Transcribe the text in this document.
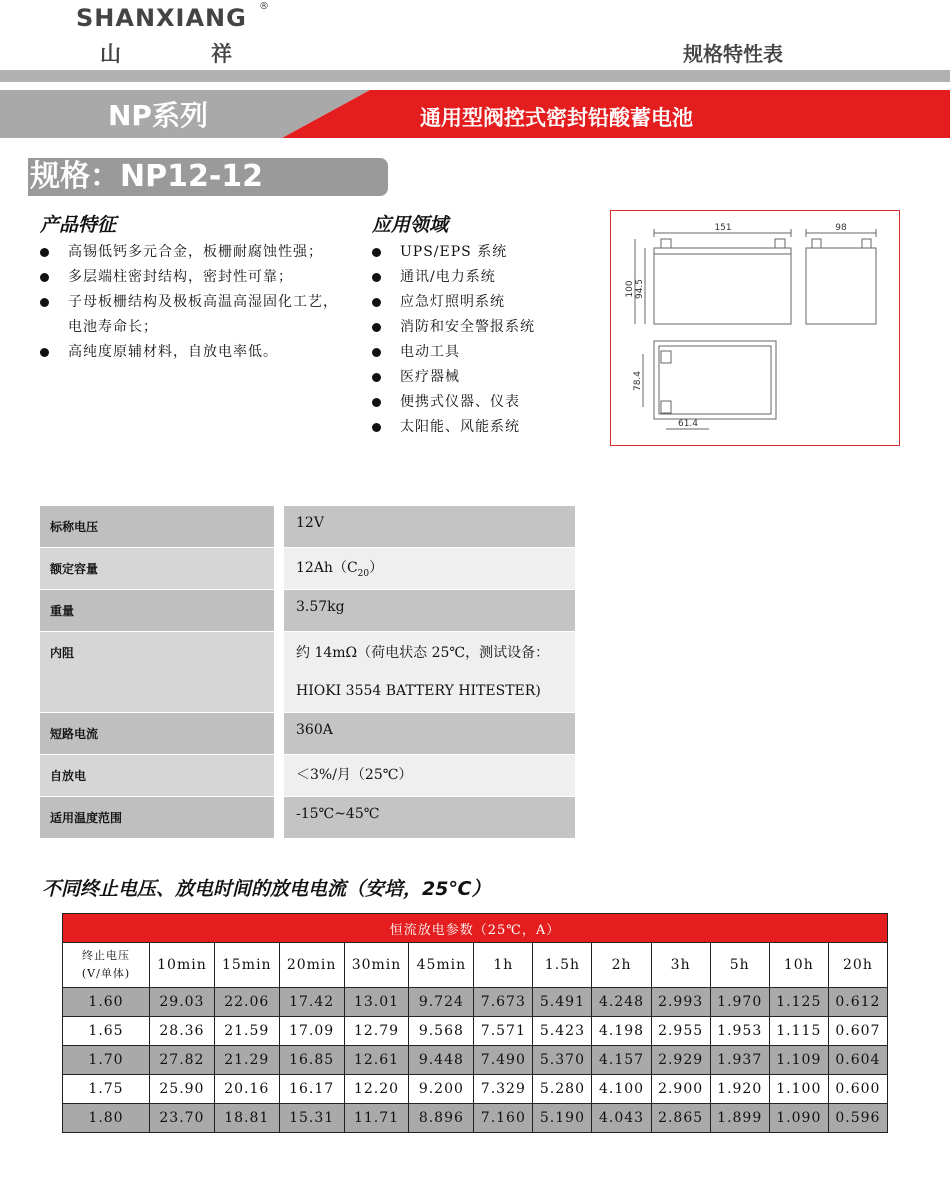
SHANXIANG ®
山	祥	规格特性表
NP系列	通用型阀控式密封铅酸蓄电池
规格：NP12-12
产品特征
高锡低钙多元合金，板栅耐腐蚀性强；
多层端柱密封结构，密封性可靠；
子母板栅结构及极板高温高湿固化工艺，电池寿命长；
高纯度原辅材料，自放电率低。
应用领域
UPS/EPS 系统
通讯/电力系统
应急灯照明系统
消防和安全警报系统
电动工具
医疗器械
便携式仪器、仪表
太阳能、风能系统
151	98
100 94.5
78.4
61.4
标称电压	12V
额定容量	$12Ah(C_{20})$
重量	3.57kg
内阻	约 14mΩ（荷电状态 25℃，测试设备：
HIOKI 3554 BATTERY HITESTER)

短路电流	360A
自放电	＜3%/月（25℃）
适用温度范围	-15℃~45℃
不同终止电压、放电时间的放电电流（安培，25℃）
恒流放电参数（25℃，A）												

终止电压
(V/单体)	10min	15min	20min	30min	45min	1h	1.5h	2h	3h	5h	10h	20h
1.60	29.03	22.06	17.42	13.01	9.724	7.673	5.491	4.248	2.993	1.970	1.125	0.612
1.65	28.36	21.59	17.09	12.79	9.568	7.571	5.423	4.198	2.955	1.953	1.115	0.607
1.70	27.82	21.29	16.85	12.61	9.448	7.490	5.370	4.157	2.929	1.937	1.109	0.604
1.75	25.90	20.16	16.17	12.20	9.200	7.329	5.280	4.100	2.900	1.920	1.100	0.600
1.80	23.70	18.81	15.31	11.71	8.896	7.160	5.190	4.043	2.865	1.899	1.090	0.596
